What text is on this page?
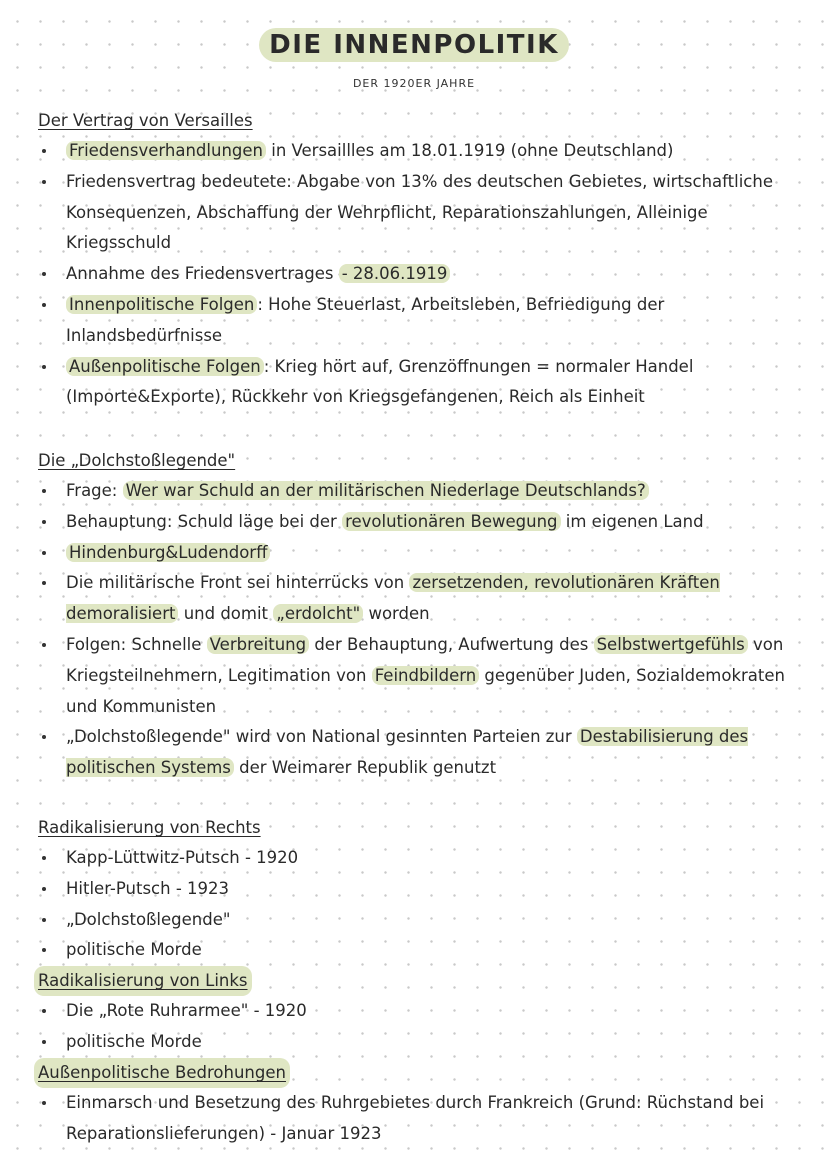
DIE INNENPOLITIK
DER 1920ER JAHRE
Der Vertrag von Versailles
Friedensverhandlungen in Versaillles am 18.01.1919 (ohne Deutschland)
Friedensvertrag bedeutete: Abgabe von 13% des deutschen Gebietes, wirtschaftliche Konsequenzen, Abschaffung der Wehrpflicht, Reparationszahlungen, Alleinige Kriegsschuld
Annahme des Friedensvertrages - 28.06.1919
Innenpolitische Folgen : Hohe Steuerlast, Arbeitsleben, Befriedigung der Inlandsbedürfnisse
Außenpolitische Folgen : Krieg hört auf, Grenzöffnungen = normaler Handel (Importe&Exporte), Rückkehr von Kriegsgefangenen, Reich als Einheit
Die „Dolchstoßlegende"
Frage: Wer war Schuld an der militärischen Niederlage Deutschlands?
Behauptung: Schuld läge bei der revolutionären Bewegung im eigenen Land
Hindenburg&Ludendorff
Die militärische Front sei hinterrücks von zersetzenden, revolutionären Kräften demoralisiert und domit „erdolcht" worden
Folgen: Schnelle Verbreitung der Behauptung, Aufwertung des Selbstwertgefühls von Kriegsteilnehmern, Legitimation von Feindbildern gegenüber Juden, Sozialdemokraten und Kommunisten
„Dolchstoßlegende" wird von National gesinnten Parteien zur Destabilisierung des politischen Systems der Weimarer Republik genutzt
Radikalisierung von Rechts
Kapp-Lüttwitz-Putsch - 1920
Hitler-Putsch - 1923
„Dolchstoßlegende"
politische Morde
Radikalisierung von Links
Die „Rote Ruhrarmee" - 1920
politische Morde
Außenpolitische Bedrohungen
Einmarsch und Besetzung des Ruhrgebietes durch Frankreich (Grund: Rüchstand bei Reparationslieferungen) - Januar 1923
